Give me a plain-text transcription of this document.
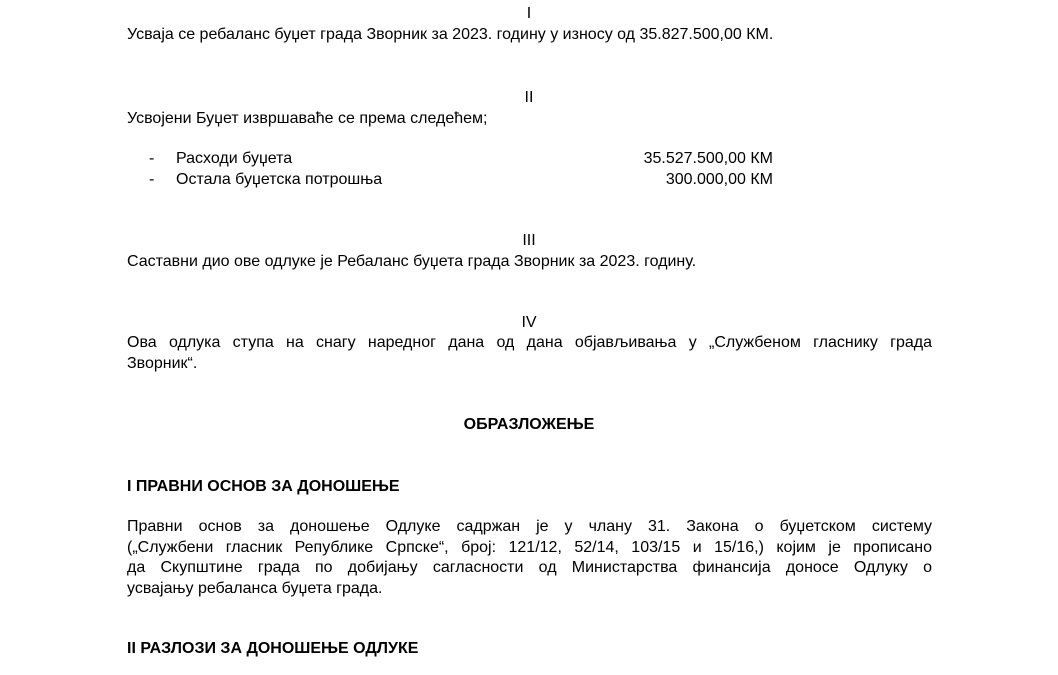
I
Усваја се ребаланс буџет града Зворник за 2023. годину у износу од 35.827.500,00 КМ.
II
Усвојени Буџет извршаваће се према следећем;
- Расходи буџета	35.527.500,00 КМ
- Остала буџетска потрошња	300.000,00 КМ
III
Саставни дио ове одлуке је Ребаланс буџета града Зворник за 2023. годину.
IV
Ова одлука ступа на снагу наредног дана од дана објављивања у „Службеном гласнику града
Зворник“.
ОБРАЗЛОЖЕЊЕ
I ПРАВНИ ОСНОВ ЗА ДОНОШЕЊЕ
Правни основ за доношење Одлуке садржан је у члану 31. Закона о буџетском систему
(„Службени гласник Републике Српске“, број: 121/12, 52/14, 103/15 и 15/16,) којим је прописано
да Скупштине града по добијању сагласности од Министарства финансија доносе Одлуку о
усвајању ребаланса буџета града.
II РАЗЛОЗИ ЗА ДОНОШЕЊЕ ОДЛУКЕ
